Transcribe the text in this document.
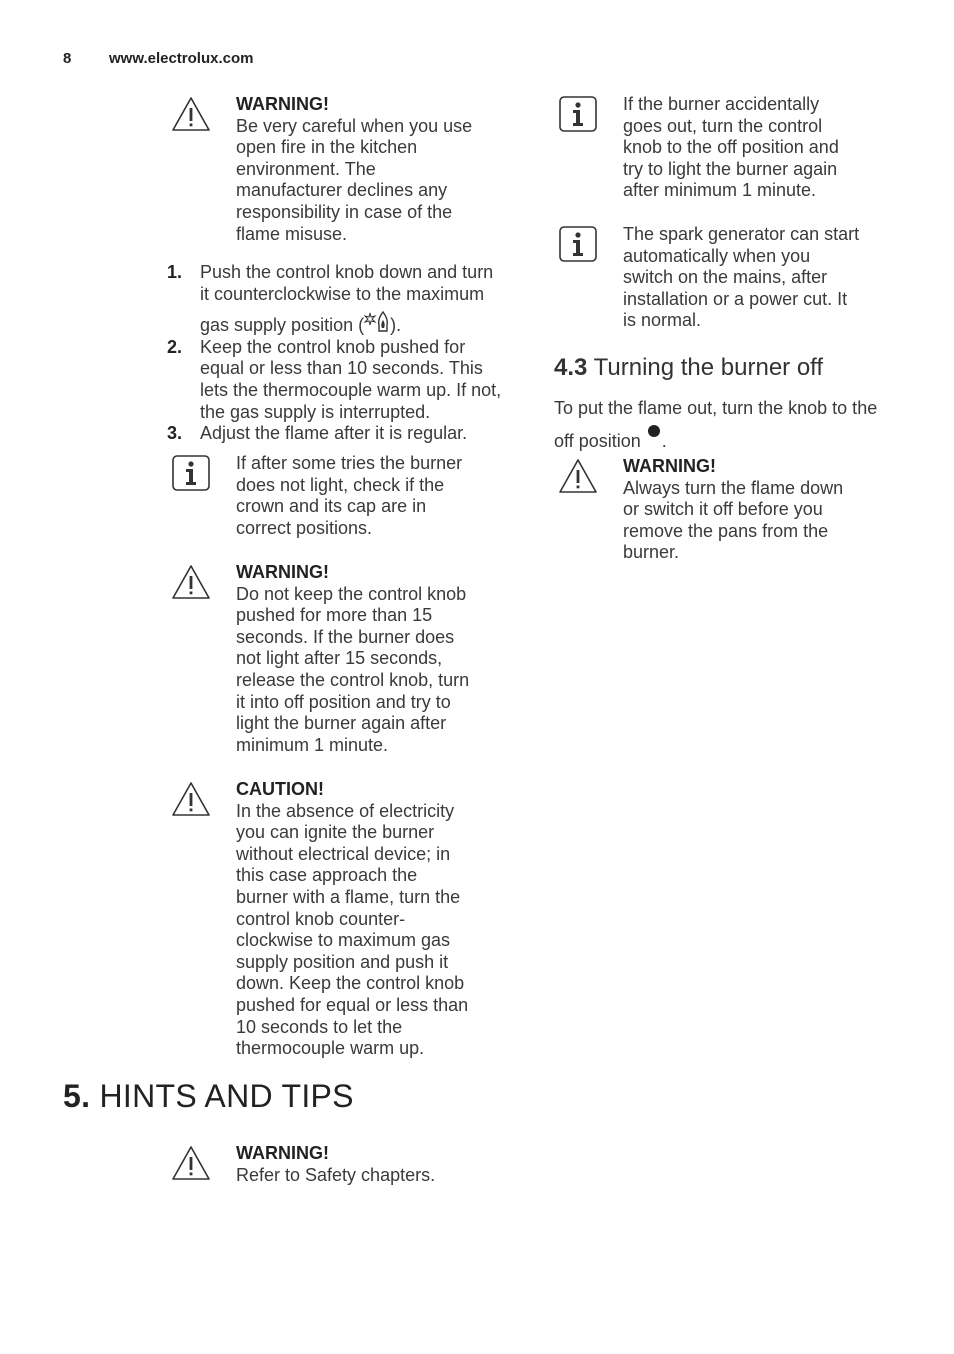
8	www.electrolux.com
WARNING!
Be very careful when you use
open fire in the kitchen
environment. The
manufacturer declines any
responsibility in case of the
flame misuse.
1. Push the control knob down and turn
it counterclockwise to the maximum
gas supply position ( ).
2. Keep the control knob pushed for
equal or less than 10 seconds. This
lets the thermocouple warm up. If not,
the gas supply is interrupted.
3. Adjust the flame after it is regular.
If after some tries the burner
does not light, check if the
crown and its cap are in
correct positions.
WARNING!
Do not keep the control knob
pushed for more than 15
seconds. If the burner does
not light after 15 seconds,
release the control knob, turn
it into off position and try to
light the burner again after
minimum 1 minute.
CAUTION!
In the absence of electricity
you can ignite the burner
without electrical device; in
this case approach the
burner with a flame, turn the
control knob counter-
clockwise to maximum gas
supply position and push it
down. Keep the control knob
pushed for equal or less than
10 seconds to let the
thermocouple warm up.
5. HINTS AND TIPS
WARNING!
Refer to Safety chapters.
If the burner accidentally
goes out, turn the control
knob to the off position and
try to light the burner again
after minimum 1 minute.
The spark generator can start
automatically when you
switch on the mains, after
installation or a power cut. It
is normal.
4.3 Turning the burner off
To put the flame out, turn the knob to the
off position .
WARNING!
Always turn the flame down
or switch it off before you
remove the pans from the
burner.
